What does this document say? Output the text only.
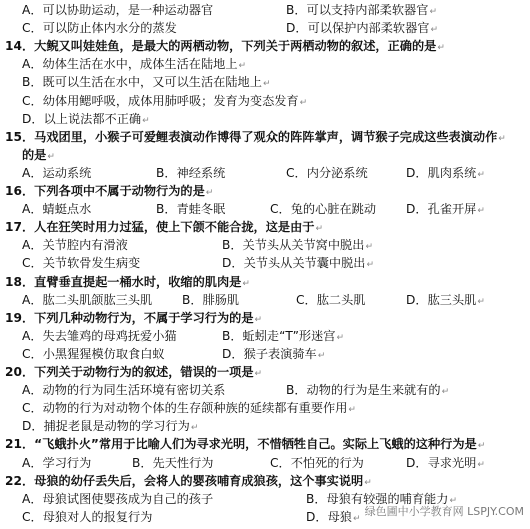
A．可以协助运动，是一种运动器官	B．可以支持内部柔软器官↵
C．可以防止体内水分的蒸发	D．可以保护内部柔软器官↵
14．大鲵又叫娃娃鱼，是最大的两栖动物，下列关于两栖动物的叙述，正确的是↵
A．幼体生活在水中，成体生活在陆地上↵
B．既可以生活在水中，又可以生活在陆地上↵
C．幼体用鳃呼吸，成体用肺呼吸；发育为变态发育↵
D．以上说法都不正确↵
15．马戏团里，小猴子可爱鲤表演动作博得了观众的阵阵掌声，调节猴子完成这些表演动作↵
的是↵
A．运动系统	B．神经系统	C．内分泌系统	D．肌肉系统↵
16．下列各项中不属于动物行为的是↵
A．蜻蜓点水	B．青蛙冬眠	C．兔的心脏在跳动 D．孔雀开屏↵
17．人在狂笑时用力过猛，使上下颌不能合拢，这是由于↵
A．关节腔内有滑液	B．关节头从关节窝中脱出↵
C．关节软骨发生病变	D．关节头从关节囊中脱出↵
18．直臂垂直提起一桶水时，收缩的肌肉是↵
A．肱二头肌颌肱三头肌 B．腓肠肌	C．肱二头肌	D．肱三头肌↵
19．下列几种动物行为，不属于学习行为的是↵
A．失去雏鸡的母鸡抚爱小猫	B．蚯蚓走“T”形迷宫↵
C．小黑猩猩模仿取食白蚁	D．猴子表演骑车↵
20．下列关于动物行为的叙述，错误的一项是↵
A．动物的行为同生活环境有密切关系	B．动物的行为是生来就有的↵
C．动物的行为对动物个体的生存颌种族的延续都有重要作用↵
D．捕捉老鼠是动物的学习行为↵
21．“飞蛾扑火”常用于比喻人们为寻求光明，不惜牺牲自己。实际上飞蛾的这种行为是↵
A．学习行为	B．先天性行为	C．不怕死的行为	D．寻求光明↵
22．母狼的幼仔丢失后，会将人的婴孩哺育成狼孩，这个事实说明↵
A．母狼试图使婴孩成为自己的孩子	B．母狼有较强的哺育能力↵
C．母狼对人的报复行为	D．母狼↵
绿色圃中小学教育网 LSPJY.COM
